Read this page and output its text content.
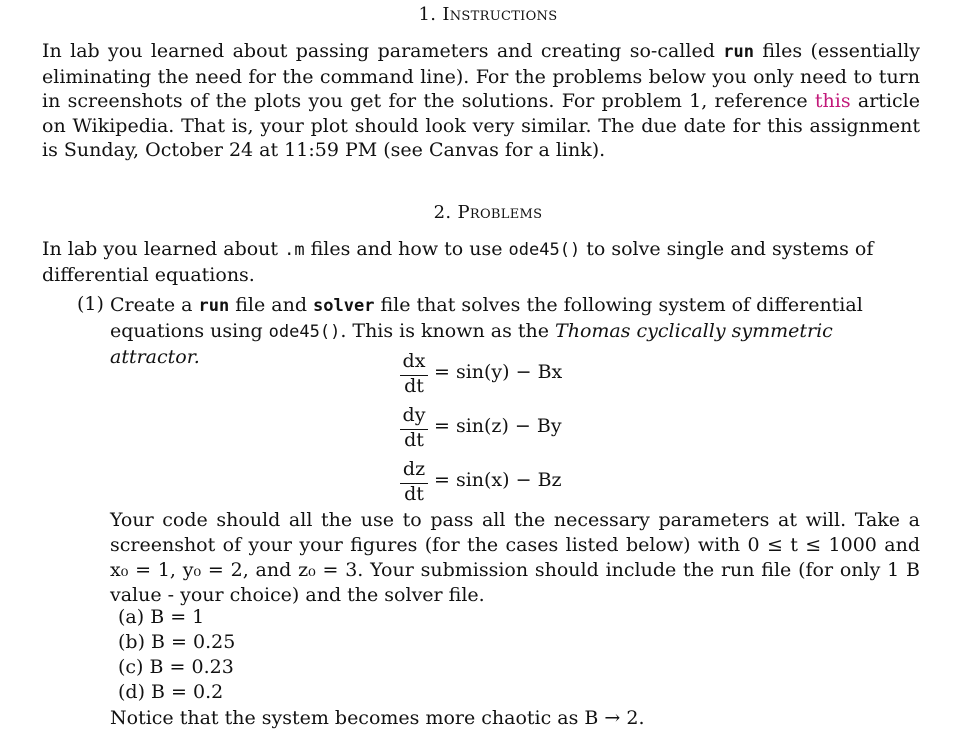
1. Instructions
In lab you learned about passing parameters and creating so-called run files (essentially eliminating the need for the command line). For the problems below you only need to turn in screenshots of the plots you get for the solutions. For problem 1, reference this article on Wikipedia. That is, your plot should look very similar. The due date for this assignment is Sunday, October 24 at 11:59 PM (see Canvas for a link).
2. Problems
In lab you learned about .m files and how to use ode45() to solve single and systems of differential equations.
(1) Create a run file and solver file that solves the following system of differential equations using ode45(). This is known as the Thomas cyclically symmetric attractor.	dx
dt
= sin(y) − Bx
dy
dt
= sin(z) − By
dz
dt
= sin(x) − Bz
Your code should all the use to pass all the necessary parameters at will. Take a screenshot of your your figures (for the cases listed below) with 0 ≤ t ≤ 1000 and x₀ = 1, y₀ = 2, and z₀ = 3. Your submission should include the run file (for only 1 B value - your choice) and the solver file.
(a) B = 1
(b) B = 0.25
(c) B = 0.23
(d) B = 0.2
Notice that the system becomes more chaotic as B → 2.
